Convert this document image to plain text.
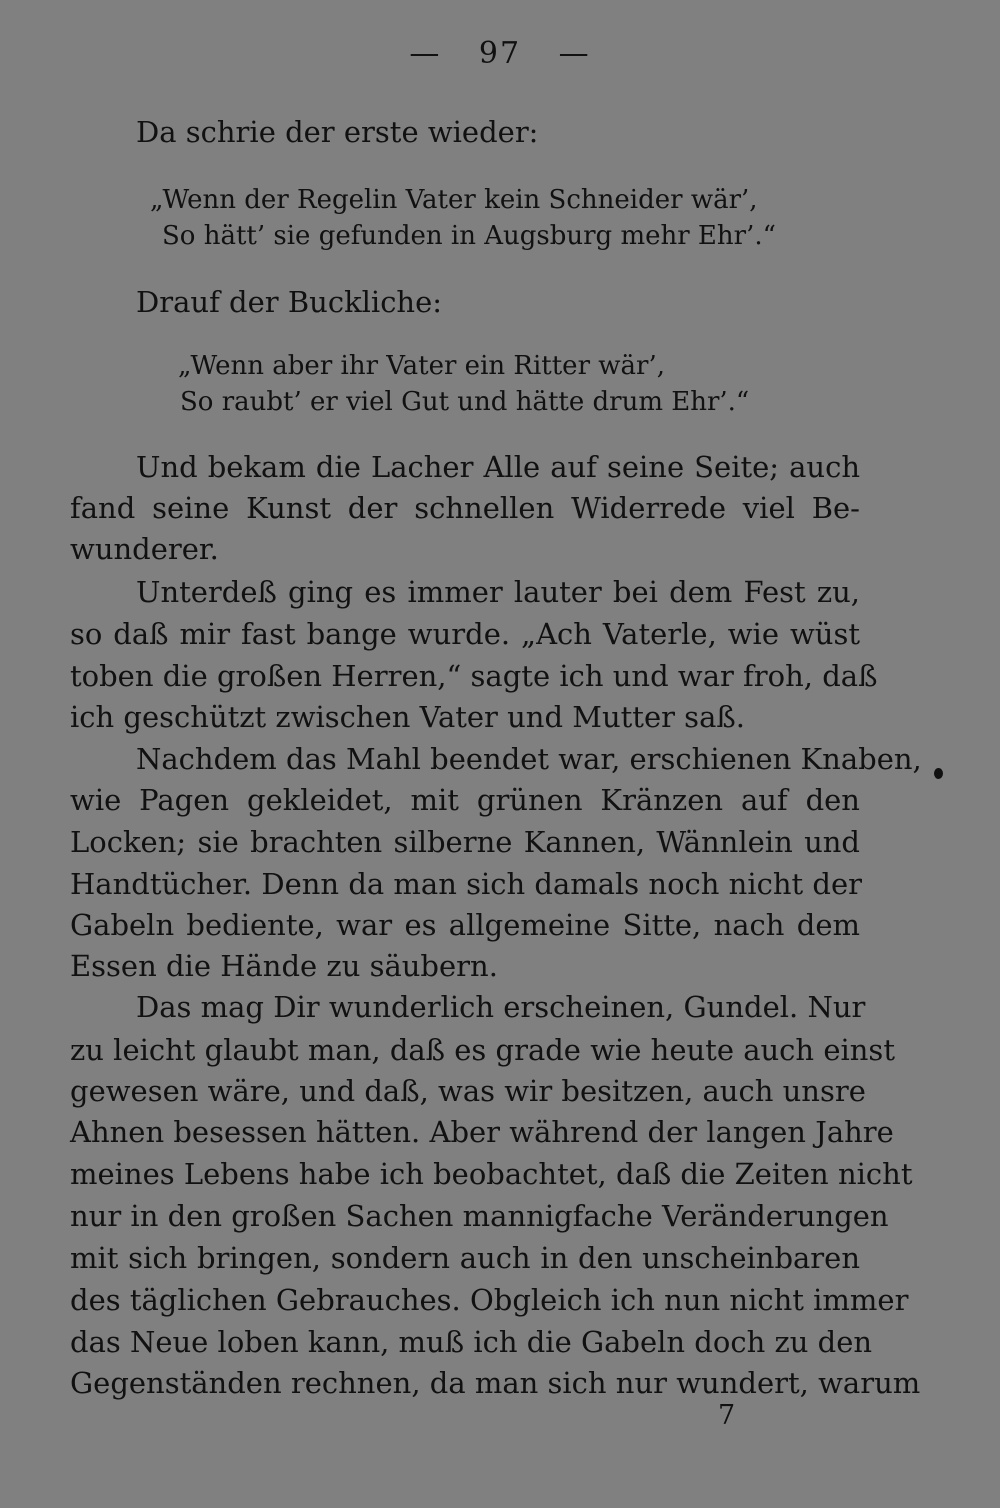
— 97 —
Da schrie der erste wieder:
„Wenn der Regelin Vater kein Schneider wär’,
So hätt’ sie gefunden in Augsburg mehr Ehr’.“
Drauf der Buckliche:
„Wenn aber ihr Vater ein Ritter wär’,
So raubt’ er viel Gut und hätte drum Ehr’.“
Und bekam die Lacher Alle auf seine Seite; auch
fand seine Kunst der schnellen Widerrede viel Be-
wunderer.
Unterdeß ging es immer lauter bei dem Fest zu,
so daß mir fast bange wurde. „Ach Vaterle, wie wüst
toben die großen Herren,“ sagte ich und war froh, daß
ich geschützt zwischen Vater und Mutter saß.
Nachdem das Mahl beendet war, erschienen Knaben,
wie Pagen gekleidet, mit grünen Kränzen auf den
Locken; sie brachten silberne Kannen, Wännlein und
Handtücher. Denn da man sich damals noch nicht der
Gabeln bediente, war es allgemeine Sitte, nach dem
Essen die Hände zu säubern.
Das mag Dir wunderlich erscheinen, Gundel. Nur
zu leicht glaubt man, daß es grade wie heute auch einst
gewesen wäre, und daß, was wir besitzen, auch unsre
Ahnen besessen hätten. Aber während der langen Jahre
meines Lebens habe ich beobachtet, daß die Zeiten nicht
nur in den großen Sachen mannigfache Veränderungen
mit sich bringen, sondern auch in den unscheinbaren
des täglichen Gebrauches. Obgleich ich nun nicht immer
das Neue loben kann, muß ich die Gabeln doch zu den
Gegenständen rechnen, da man sich nur wundert, warum
7
